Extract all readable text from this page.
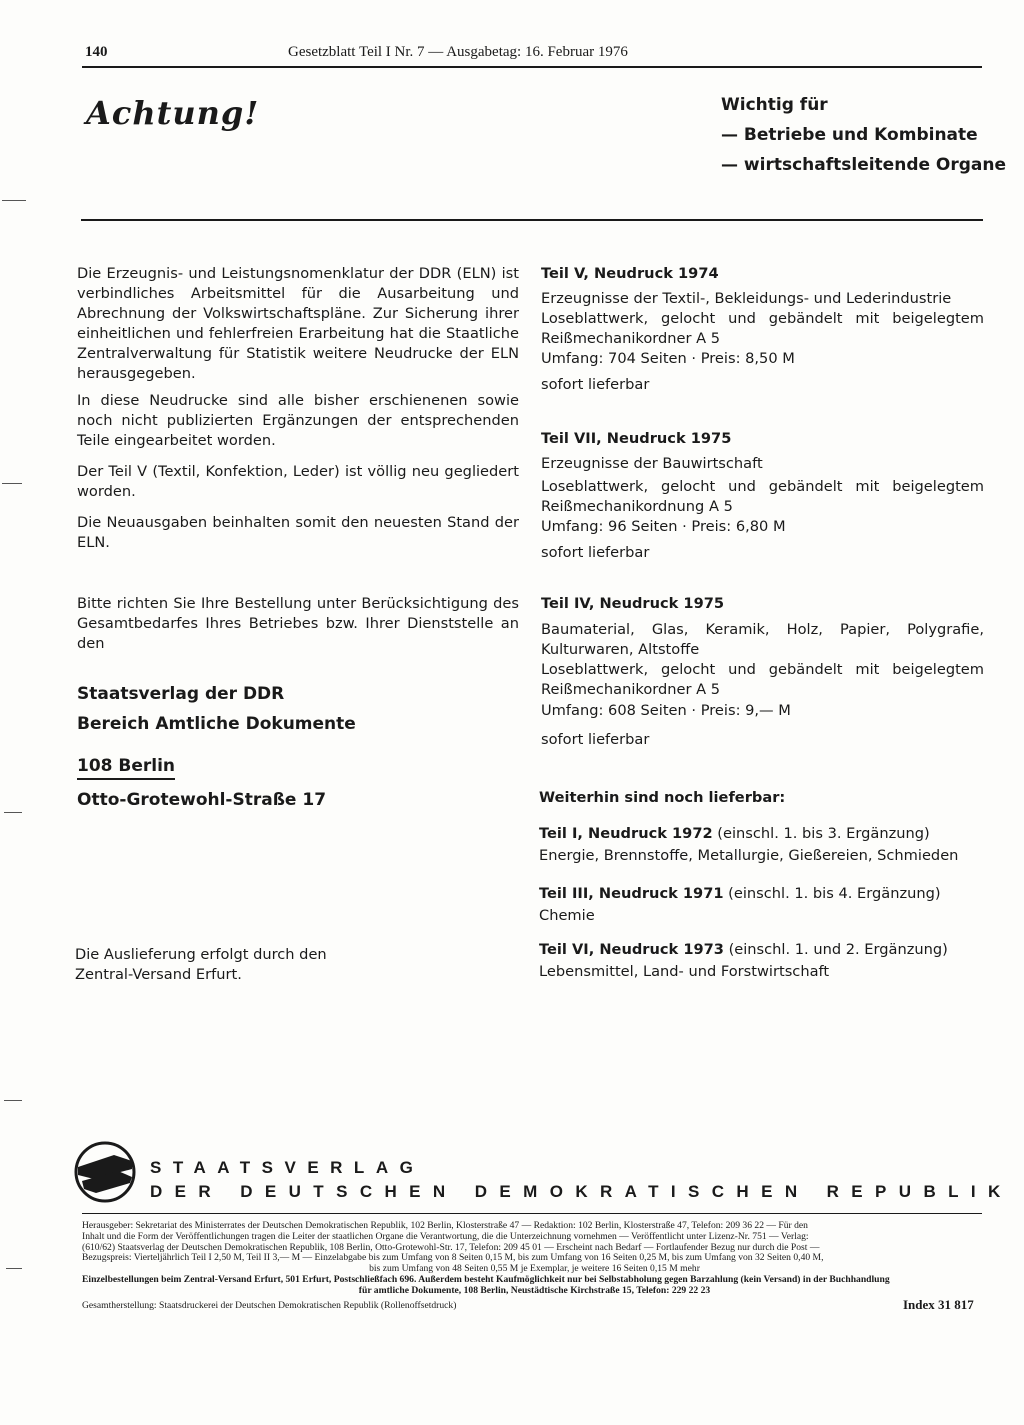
140	Gesetzblatt Teil I Nr. 7 — Ausgabetag: 16. Februar 1976
Achtung!	Wichtig für
— Betriebe und Kombinate
— wirtschaftsleitende Organe
Die Erzeugnis- und Leistungsnomenklatur der DDR (ELN) ist verbindliches Arbeitsmittel für die Ausarbeitung und Abrechnung der Volkswirtschaftspläne. Zur Sicherung ihrer einheitlichen und fehlerfreien Erarbeitung hat die Staatliche Zentralverwaltung für Statistik weitere Neudrucke der ELN herausgegeben.
In diese Neudrucke sind alle bisher erschienenen sowie noch nicht publizierten Ergänzungen der entsprechenden Teile eingearbeitet worden.
Der Teil V (Textil, Konfektion, Leder) ist völlig neu gegliedert worden.
Die Neuausgaben beinhalten somit den neuesten Stand der ELN.
Bitte richten Sie Ihre Bestellung unter Berücksichtigung des Gesamtbedarfes Ihres Betriebes bzw. Ihrer Dienststelle an den
Staatsverlag der DDR
Bereich Amtliche Dokumente
108 Berlin
Otto-Grotewohl-Straße 17
Die Auslieferung erfolgt durch den Zentral-Versand Erfurt.
Teil V, Neudruck 1974
Erzeugnisse der Textil-, Bekleidungs- und Lederindustrie
Loseblattwerk, gelocht und gebändelt mit beigelegtem Reißmechanikordner A 5
Umfang: 704 Seiten · Preis: 8,50 M
sofort lieferbar
Teil VII, Neudruck 1975
Erzeugnisse der Bauwirtschaft
Loseblattwerk, gelocht und gebändelt mit beigelegtem Reißmechanikordnung A 5
Umfang: 96 Seiten · Preis: 6,80 M
sofort lieferbar
Teil IV, Neudruck 1975
Baumaterial, Glas, Keramik, Holz, Papier, Polygrafie, Kulturwaren, Altstoffe
Loseblattwerk, gelocht und gebändelt mit beigelegtem Reißmechanikordner A 5
Umfang: 608 Seiten · Preis: 9,— M
sofort lieferbar
Weiterhin sind noch lieferbar:
Teil I, Neudruck 1972 (einschl. 1. bis 3. Ergänzung)
Energie, Brennstoffe, Metallurgie, Gießereien, Schmieden
Teil III, Neudruck 1971 (einschl. 1. bis 4. Ergänzung)
Chemie
Teil VI, Neudruck 1973 (einschl. 1. und 2. Ergänzung)
Lebensmittel, Land- und Forstwirtschaft
STAATSVERLAG
DER DEUTSCHEN DEMOKRATISCHEN REPUBLIK
Herausgeber: Sekretariat des Ministerrates der Deutschen Demokratischen Republik, 102 Berlin, Klosterstraße 47 — Redaktion: 102 Berlin, Klosterstraße 47, Telefon: 209 36 22 — Für den
Inhalt und die Form der Veröffentlichungen tragen die Leiter der staatlichen Organe die Verantwortung, die die Unterzeichnung vornehmen — Veröffentlicht unter Lizenz-Nr. 751 — Verlag:
(610/62) Staatsverlag der Deutschen Demokratischen Republik, 108 Berlin, Otto-Grotewohl-Str. 17, Telefon: 209 45 01 — Erscheint nach Bedarf — Fortlaufender Bezug nur durch die Post —
Bezugspreis: Vierteljährlich Teil I 2,50 M, Teil II 3,— M — Einzelabgabe bis zum Umfang von 8 Seiten 0,15 M, bis zum Umfang von 16 Seiten 0,25 M, bis zum Umfang von 32 Seiten 0,40 M,
bis zum Umfang von 48 Seiten 0,55 M je Exemplar, je weitere 16 Seiten 0,15 M mehr
Einzelbestellungen beim Zentral-Versand Erfurt, 501 Erfurt, Postschließfach 696. Außerdem besteht Kaufmöglichkeit nur bei Selbstabholung gegen Barzahlung (kein Versand) in der Buchhandlung
für amtliche Dokumente, 108 Berlin, Neustädtische Kirchstraße 15, Telefon: 229 22 23
Gesamtherstellung: Staatsdruckerei der Deutschen Demokratischen Republik (Rollenoffsetdruck)	Index 31 817
